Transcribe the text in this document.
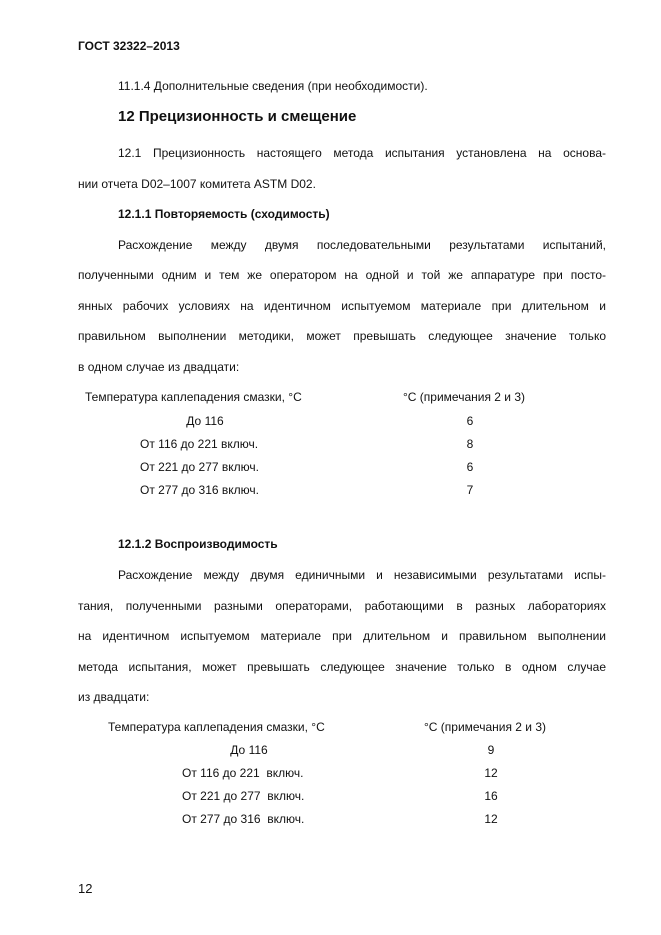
ГОСТ 32322–2013
11.1.4 Дополнительные сведения (при необходимости).
12 Прецизионность и смещение
12.1 Прецизионность настоящего метода испытания установлена на основа-
нии отчета D02–1007 комитета ASTM D02.
12.1.1 Повторяемость (сходимость)
Расхождение между двумя последовательными результатами испытаний,
полученными одним и тем же оператором на одной и той же аппаратуре при посто-
янных рабочих условиях на идентичном испытуемом материале при длительном и
правильном выполнении методики, может превышать следующее значение только
в одном случае из двадцати:
Температура каплепадения смазки, °С	°С (примечания 2 и 3)
До 116	6
От 116 до 221 включ.	8
От 221 до 277 включ.	6
От 277 до 316 включ.	7
12.1.2 Воспроизводимость
Расхождение между двумя единичными и независимыми результатами испы-
тания, полученными разными операторами, работающими в разных лабораториях
на идентичном испытуемом материале при длительном и правильном выполнении
метода испытания, может превышать следующее значение только в одном случае
из двадцати:
Температура каплепадения смазки, °С	°С (примечания 2 и 3)
До 116	9
От 116 до 221  включ.	12
От 221 до 277  включ.	16
От 277 до 316  включ.	12
12
